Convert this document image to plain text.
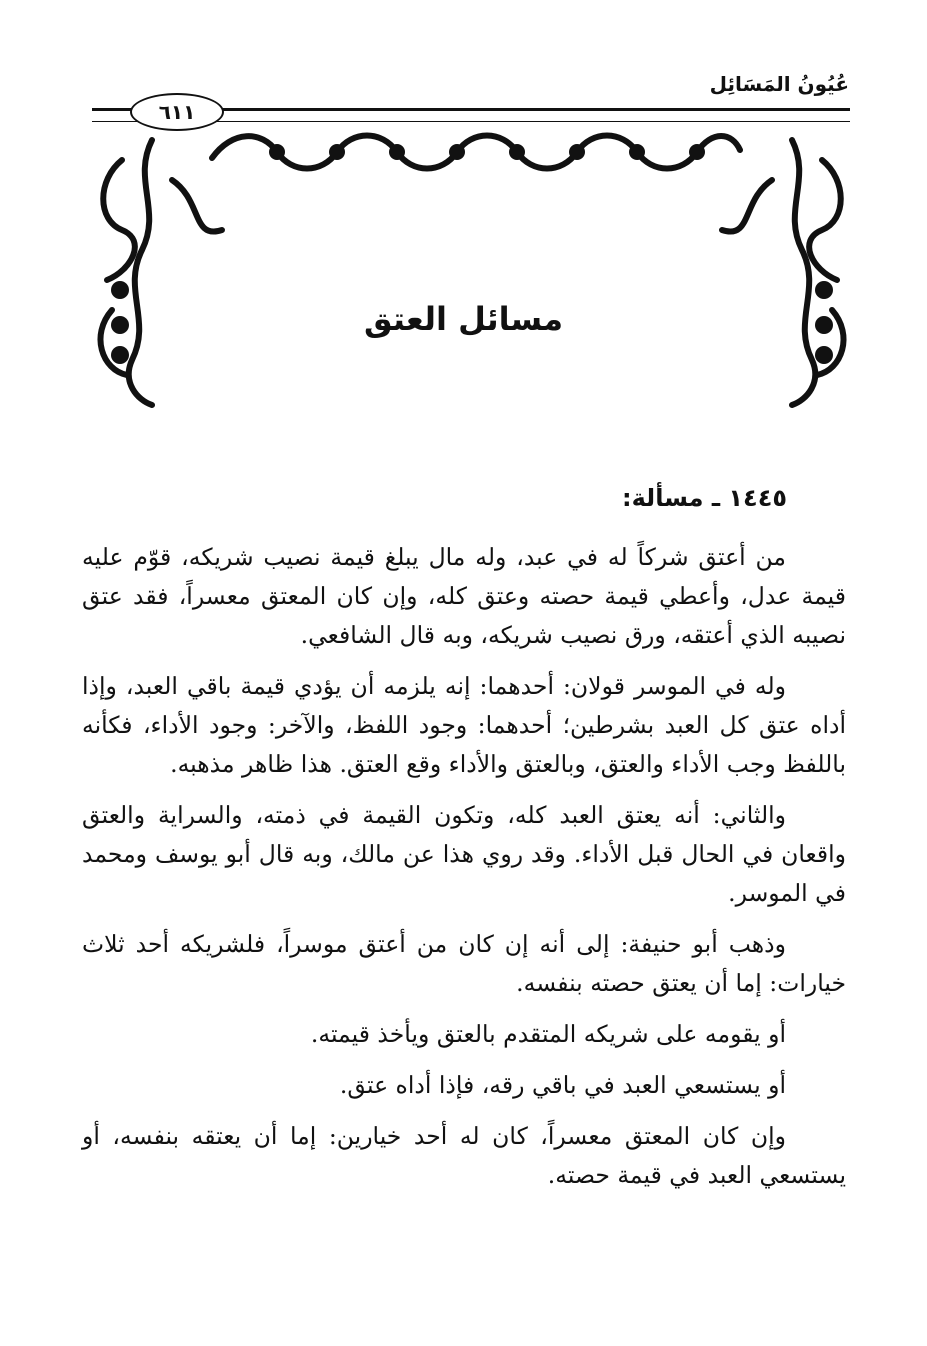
عُيُونُ المَسَائِل
٦١١
مسائل العتق
١٤٤٥ ـ مسألة:

من أعتق شركاً له في عبد، وله مال يبلغ قيمة نصيب شريكه، قوّم عليه قيمة عدل، وأعطي قيمة حصته وعتق كله، وإن كان المعتق معسراً، فقد عتق نصيبه الذي أعتقه، ورق نصيب شريكه، وبه قال الشافعي.

وله في الموسر قولان: أحدهما: إنه يلزمه أن يؤدي قيمة باقي العبد، وإذا أداه عتق كل العبد بشرطين؛ أحدهما: وجود اللفظ، والآخر: وجود الأداء، فكأنه باللفظ وجب الأداء والعتق، وبالعتق والأداء وقع العتق. هذا ظاهر مذهبه.

والثاني: أنه يعتق العبد كله، وتكون القيمة في ذمته، والسراية والعتق واقعان في الحال قبل الأداء. وقد روي هذا عن مالك، وبه قال أبو يوسف ومحمد في الموسر.

وذهب أبو حنيفة: إلى أنه إن كان من أعتق موسراً، فلشريكه أحد ثلاث خيارات: إما أن يعتق حصته بنفسه.

أو يقومه على شريكه المتقدم بالعتق ويأخذ قيمته.

أو يستسعي العبد في باقي رقه، فإذا أداه عتق.

وإن كان المعتق معسراً، كان له أحد خيارين: إما أن يعتقه بنفسه، أو يستسعي العبد في قيمة حصته.
